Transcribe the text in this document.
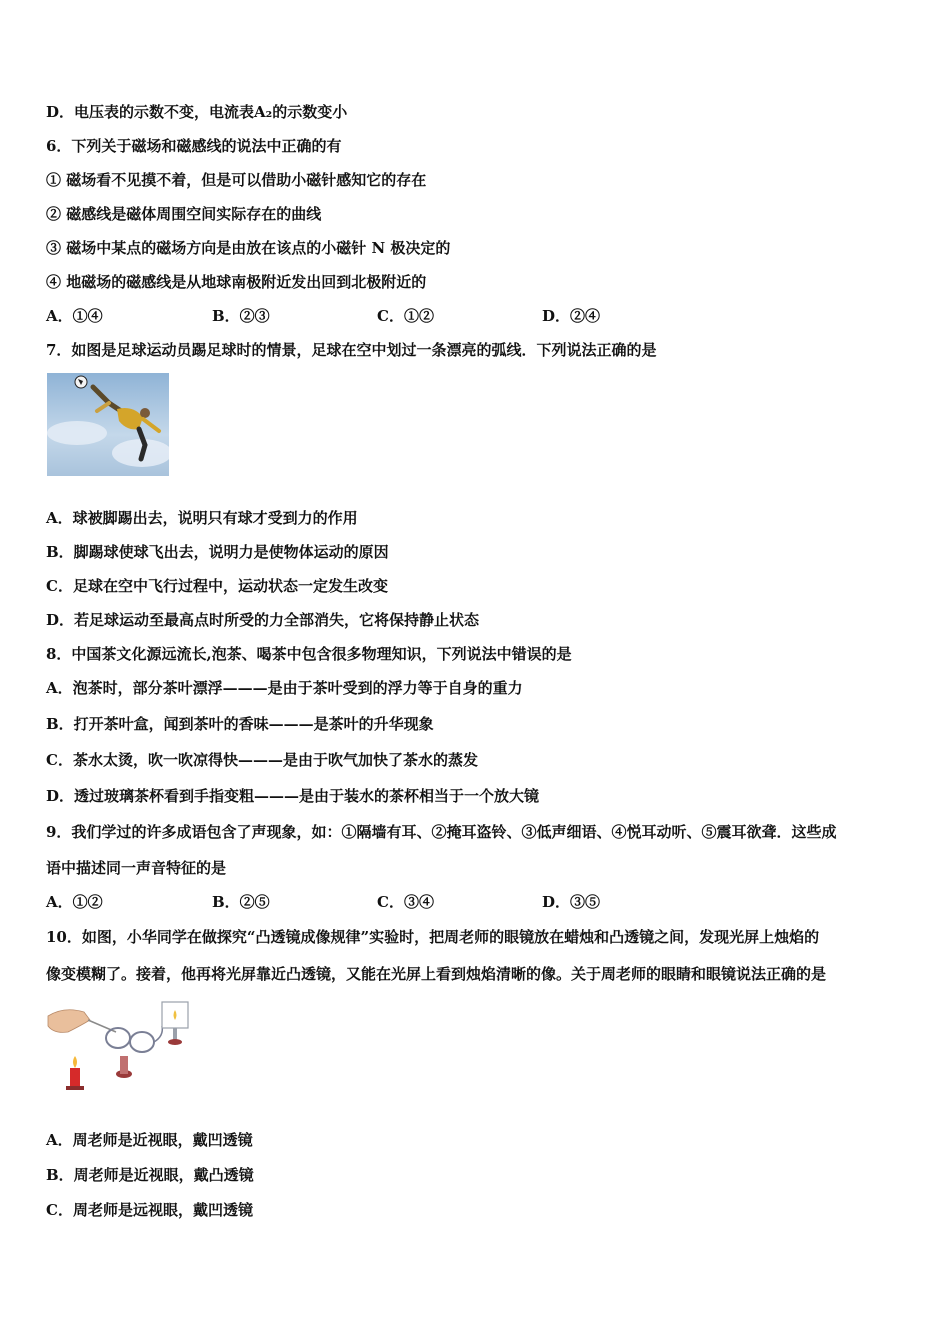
D．电压表的示数不变，电流表A₂的示数变小
6．下列关于磁场和磁感线的说法中正确的有
① 磁场看不见摸不着，但是可以借助小磁针感知它的存在
② 磁感线是磁体周围空间实际存在的曲线
③ 磁场中某点的磁场方向是由放在该点的小磁针 N 极决定的
④ 地磁场的磁感线是从地球南极附近发出回到北极附近的
A．①④	B．②③	C．①②	D．②④
7．如图是足球运动员踢足球时的情景，足球在空中划过一条漂亮的弧线．下列说法正确的是
A．球被脚踢出去，说明只有球才受到力的作用
B．脚踢球使球飞出去，说明力是使物体运动的原因
C．足球在空中飞行过程中，运动状态一定发生改变
D．若足球运动至最高点时所受的力全部消失，它将保持静止状态
8．中国茶文化源远流长,泡茶、喝茶中包含很多物理知识，下列说法中错误的是
A．泡茶时，部分茶叶漂浮———是由于茶叶受到的浮力等于自身的重力
B．打开茶叶盒，闻到茶叶的香味———是茶叶的升华现象
C．茶水太烫，吹一吹凉得快———是由于吹气加快了茶水的蒸发
D．透过玻璃茶杯看到手指变粗———是由于装水的茶杯相当于一个放大镜
9．我们学过的许多成语包含了声现象，如：①隔墙有耳、②掩耳盗铃、③低声细语、④悦耳动听、⑤震耳欲聋．这些成
语中描述同一声音特征的是
A．①②	B．②⑤	C．③④	D．③⑤
10．如图，小华同学在做探究“凸透镜成像规律”实验时，把周老师的眼镜放在蜡烛和凸透镜之间，发现光屏上烛焰的
像变模糊了。接着，他再将光屏靠近凸透镜，又能在光屏上看到烛焰清晰的像。关于周老师的眼睛和眼镜说法正确的是
A．周老师是近视眼，戴凹透镜
B．周老师是近视眼，戴凸透镜
C．周老师是远视眼，戴凹透镜
